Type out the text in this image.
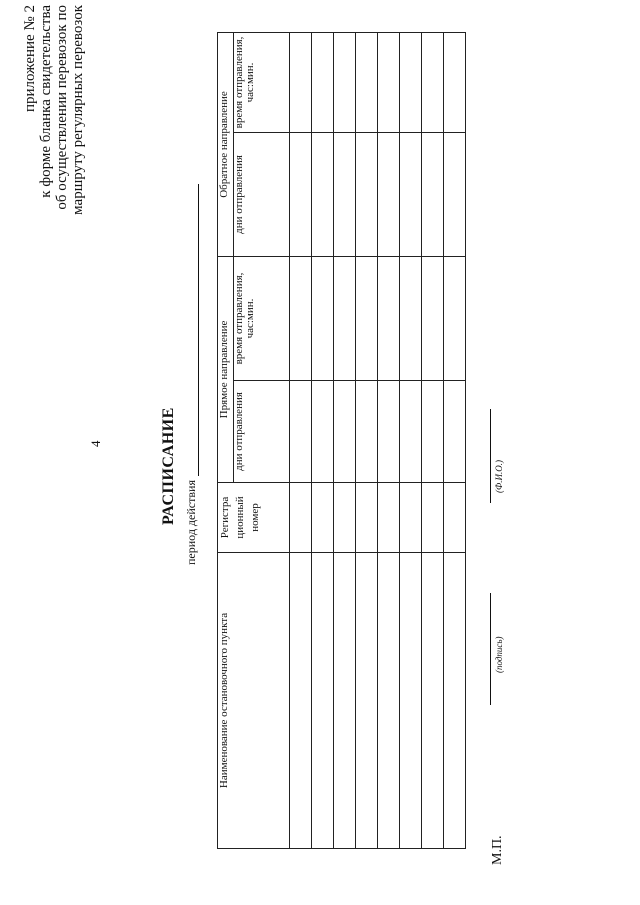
4
приложение № 2 к форме бланка свидетельства об осуществлении перевозок по маршруту регулярных перевозок
РАСПИСАНИЕ период действия
Наименование остановочного пункта	Регистра ционный номер	Прямое направление		Обратное направление	
		дни отправления	время отправления, час:мин.	дни отправления	время отправления, час:мин.

М.П.
(подпись)
(Ф.И.О.)
